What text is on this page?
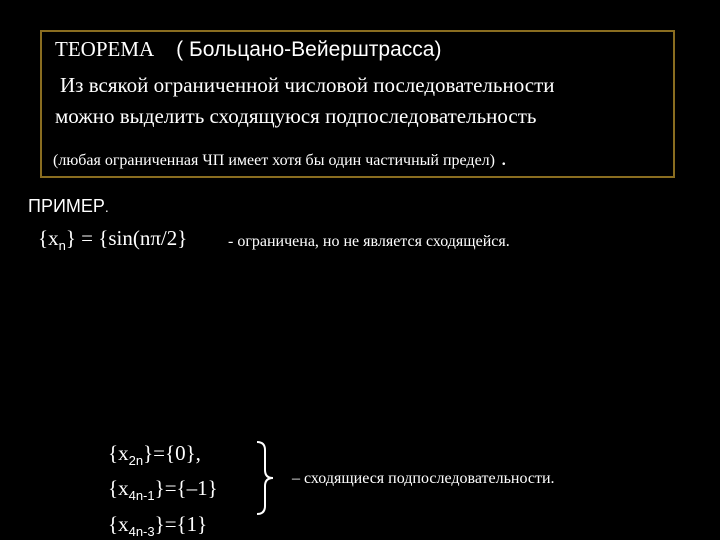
ТЕОРЕМА ( Больцано-Вейерштрасса)
Из всякой ограниченной числовой последовательности
можно выделить сходящуюся подпоследовательность
(любая ограниченная ЧП имеет хотя бы один частичный предел) .
ПРИМЕР.
$\{x_n\} = \{\sin(n\pi/2\}$	- ограничена, но не является сходящейся.
$\{x_{2n}\}=\{0\}$,
$\{x_{4n-1}\}=\{-1\}$
$\{x_{4n-3}\}=\{1\}$
– сходящиеся подпоследовательности.
